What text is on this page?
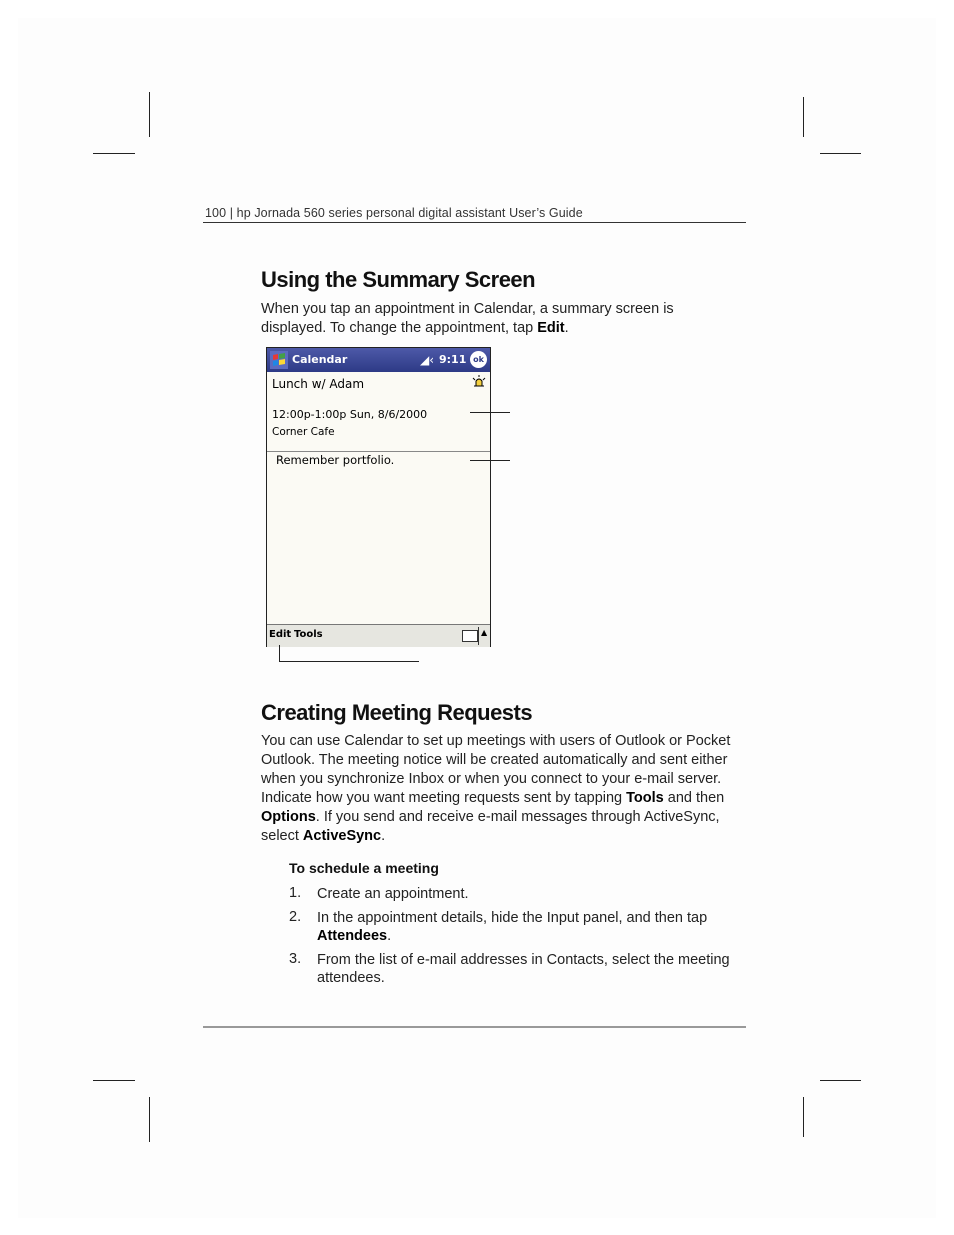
100 | hp Jornada 560 series personal digital assistant User’s Guide
Using the Summary Screen
When you tap an appointment in Calendar, a summary screen is displayed. To change the appointment, tap Edit.
Calendar	◢‹ 9:11 ok
Lunch w/ Adam
12:00p-1:00p Sun, 8/6/2000
Corner Cafe
Remember portfolio.
Edit Tools	▲
Creating Meeting Requests
You can use Calendar to set up meetings with users of Outlook or Pocket Outlook. The meeting notice will be created automatically and sent either when you synchronize Inbox or when you connect to your e-mail server. Indicate how you want meeting requests sent by tapping Tools and then Options. If you send and receive e-mail messages through ActiveSync, select ActiveSync.
To schedule a meeting
1. Create an appointment.
2. In the appointment details, hide the Input panel, and then tap Attendees.
3. From the list of e-mail addresses in Contacts, select the meeting attendees.
